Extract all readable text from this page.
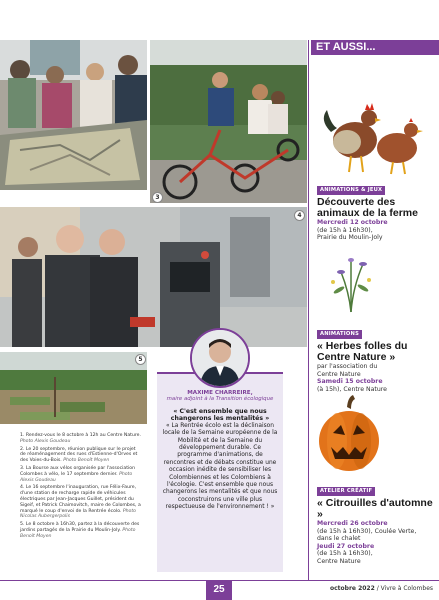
3
4
5
1. Rendez-vous le 8 octobre à 12h au Centre Nature. Photo Alexis Goudeau
2. Le 20 septembre, réunion publique sur le projet de réaménagement des rues d'Estienne-d'Orves et des Voies-du-Bois. Photo Benoît Moyen
3. La Bourse aux vélos organisée par l'association Colombes à vélo, le 17 septembre dernier. Photo Alexis Goudeau
4. Le 16 septembre l'inauguration, rue Félix-Faure, d'une station de recharge rapide de véhicules électriques par Jean-Jacques Guillet, président du Sigeif, et Patrick Chaimovitch, maire de Colombes, a marqué le coup d'envoi de la Rentrée écolo. Photo Nicolas Aubergerpolis
5. Le 8 octobre à 16h30, partez à la découverte des jardins partagés de la Prairie du Moulin-Joly. Photo Benoît Moyen
MAXIME CHARREIRE,
maire adjoint à la Transition écologique
« C'est ensemble que nous changerons les mentalités »
« La Rentrée écolo est la déclinaison locale de la Semaine européenne de la Mobilité et de la Semaine du développement durable. Ce programme d'animations, de rencontres et de débats constitue une occasion inédite de sensibiliser les Colombiennes et les Colombiens à l'écologie. C'est ensemble que nous changerons les mentalités et que nous coconstruirons une ville plus respectueuse de l'environnement ! »
ET AUSSI...
ANIMATIONS & JEUX
Découverte des animaux de la ferme
Mercredi 12 octobre
(de 15h à 16h30),
Prairie du Moulin-Joly
ANIMATIONS
« Herbes folles du Centre Nature »
par l'association du
Centre Nature
Samedi 15 octobre
(à 15h), Centre Nature
ATELIER CRÉATIF
« Citrouilles d'automne »
Mercredi 26 octobre
(de 15h à 16h30), Coulée Verte,
dans le chalet
Jeudi 27 octobre
(de 15h à 16h30),
Centre Nature
25	octobre 2022 / Vivre à Colombes
